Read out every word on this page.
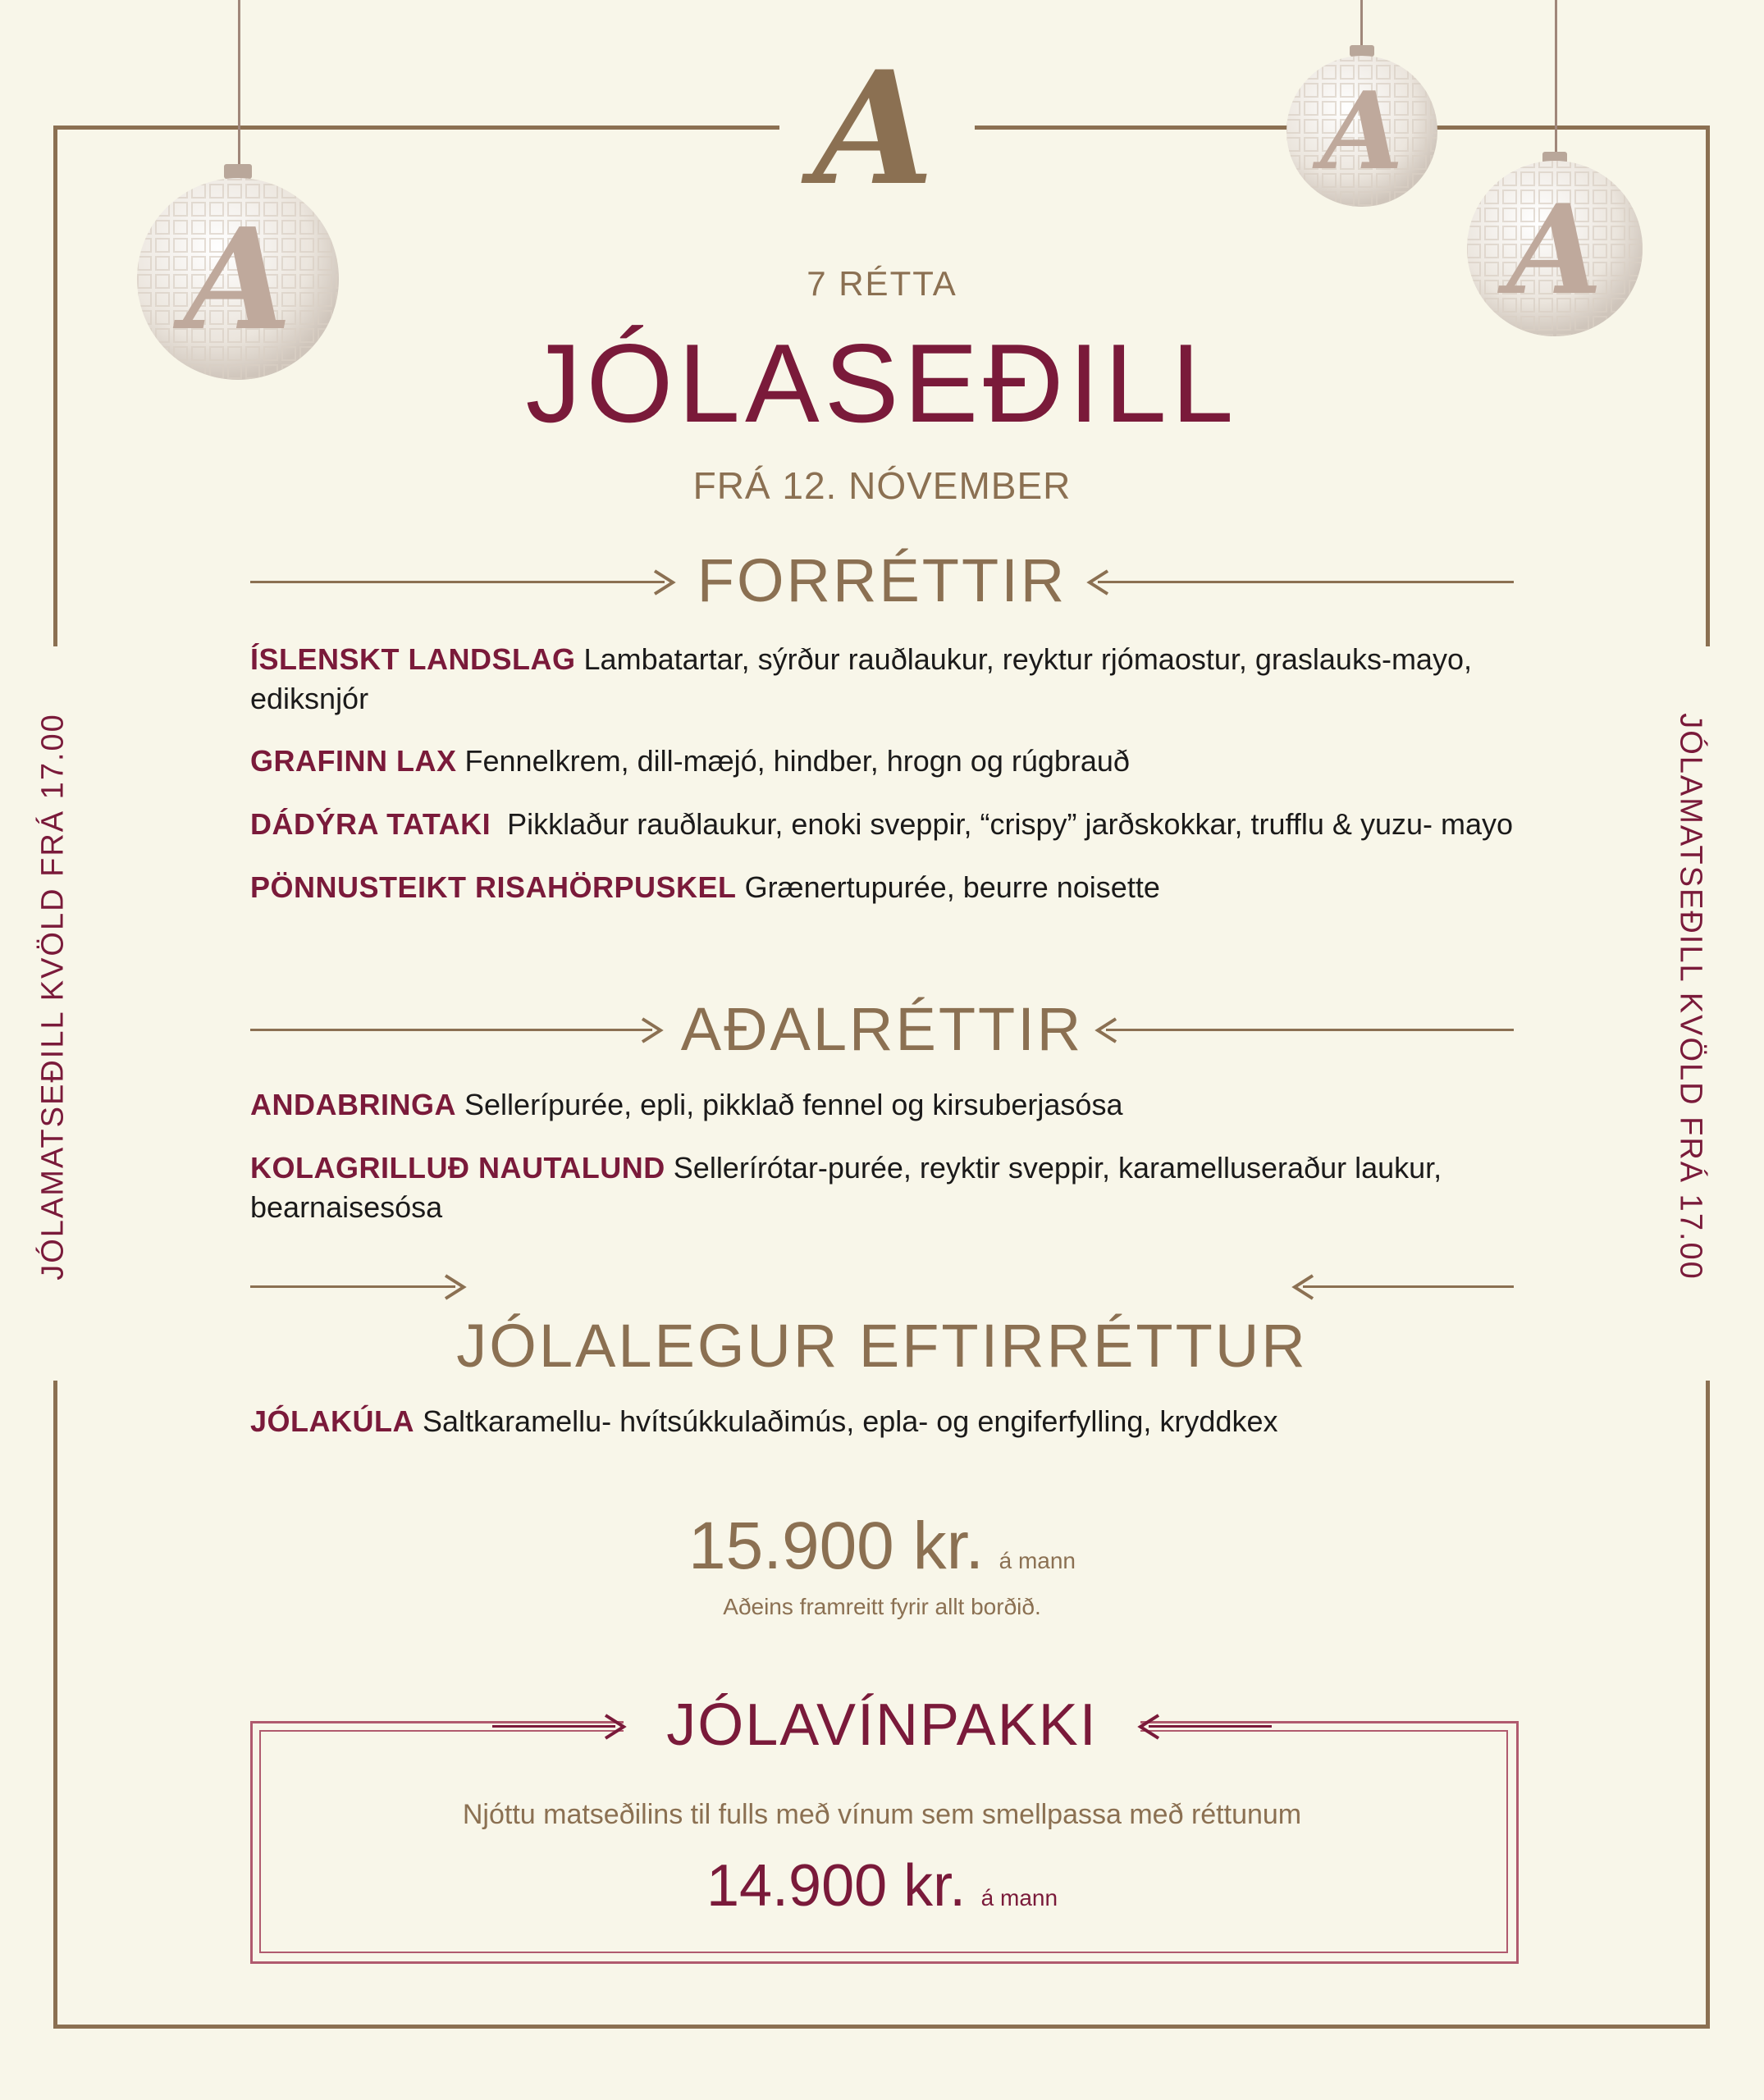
A
A
A
A
7 RÉTTA
JÓLASEÐILL
FRÁ 12. NÓVEMBER
JÓLAMATSEÐILL KVÖLD FRÁ 17.00	JÓLAMATSEÐILL KVÖLD FRÁ 17.00
FORRÉTTIR
ÍSLENSKT LANDSLAG Lambatartar, sýrður rauðlaukur, reyktur rjómaostur, graslauks-mayo, ediksnjór
GRAFINN LAX Fennelkrem, dill-mæjó, hindber, hrogn og rúgbrauð
DÁDÝRA TATAKI Pikklaður rauðlaukur, enoki sveppir, “crispy” jarðskokkar, trufflu & yuzu- mayo
PÖNNUSTEIKT RISAHÖRPUSKEL Grænertupurée, beurre noisette
AÐALRÉTTIR
ANDABRINGA Sellerípurée, epli, pikklað fennel og kirsuberjasósa
KOLAGRILLUÐ NAUTALUND Sellerírótar-purée, reyktir sveppir, karamelluseraður laukur, bearnaisesósa
JÓLALEGUR EFTIRRÉTTUR
JÓLAKÚLA Saltkaramellu- hvítsúkkulaðimús, epla- og engiferfylling, kryddkex
15.900 kr. á mann
Aðeins framreitt fyrir allt borðið.
JÓLAVÍNPAKKI
Njóttu matseðilins til fulls með vínum sem smellpassa með réttunum
14.900 kr. á mann
